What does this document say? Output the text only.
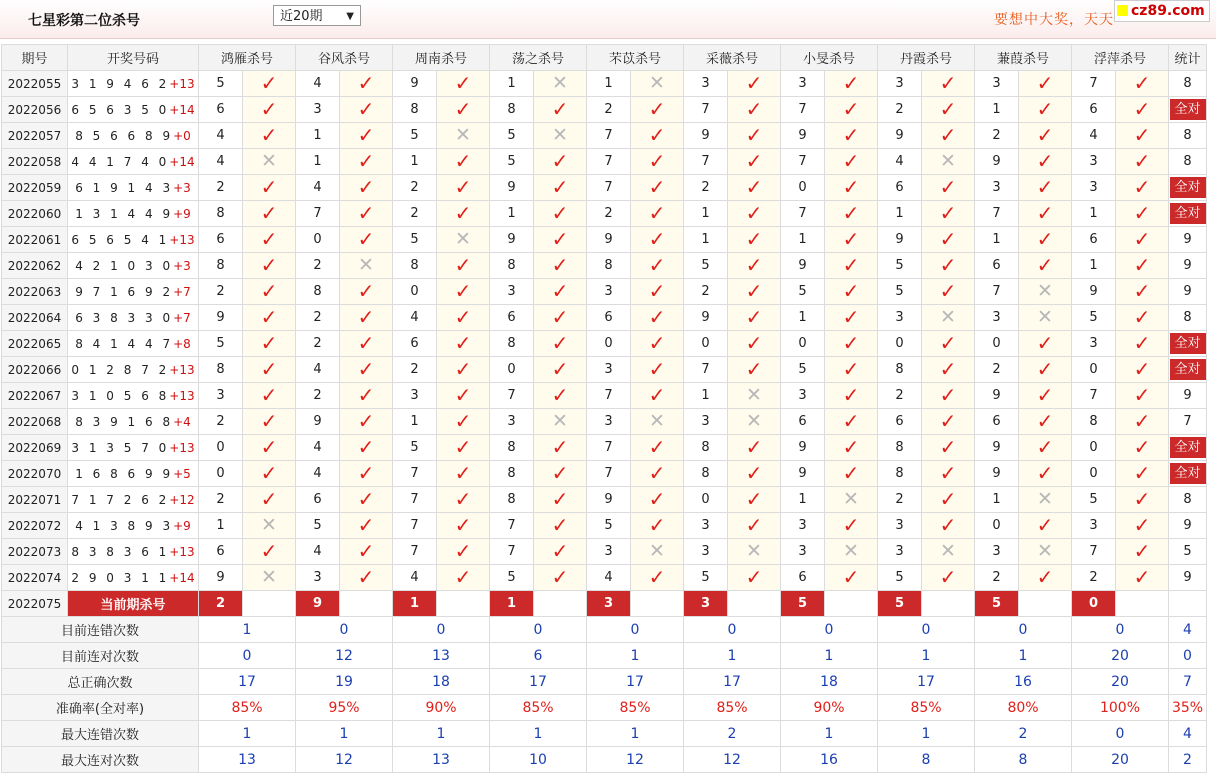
七星彩第二位杀号	近20期 ▼	要想中大奖，天天
cz89.com
期号	开奖号码	鸿雁杀号		谷风杀号		周南杀号		荡之杀号		芣苡杀号		采薇杀号		小旻杀号		丹霞杀号		蒹葭杀号		浮萍杀号		统计
2022055	3 1 9 4 6 2+13	5	✓	4	✓	9	✓	1	✕	1	✕	3	✓	3	✓	3	✓	3	✓	7	✓	8
2022056	6 5 6 3 5 0+14	6	✓	3	✓	8	✓	8	✓	2	✓	7	✓	7	✓	2	✓	1	✓	6	✓	全对
2022057	8 5 6 6 8 9+0	4	✓	1	✓	5	✕	5	✕	7	✓	9	✓	9	✓	9	✓	2	✓	4	✓	8
2022058	4 4 1 7 4 0+14	4	✕	1	✓	1	✓	5	✓	7	✓	7	✓	7	✓	4	✕	9	✓	3	✓	8
2022059	6 1 9 1 4 3+3	2	✓	4	✓	2	✓	9	✓	7	✓	2	✓	0	✓	6	✓	3	✓	3	✓	全对
2022060	1 3 1 4 4 9+9	8	✓	7	✓	2	✓	1	✓	2	✓	1	✓	7	✓	1	✓	7	✓	1	✓	全对
2022061	6 5 6 5 4 1+13	6	✓	0	✓	5	✕	9	✓	9	✓	1	✓	1	✓	9	✓	1	✓	6	✓	9
2022062	4 2 1 0 3 0+3	8	✓	2	✕	8	✓	8	✓	8	✓	5	✓	9	✓	5	✓	6	✓	1	✓	9
2022063	9 7 1 6 9 2+7	2	✓	8	✓	0	✓	3	✓	3	✓	2	✓	5	✓	5	✓	7	✕	9	✓	9
2022064	6 3 8 3 3 0+7	9	✓	2	✓	4	✓	6	✓	6	✓	9	✓	1	✓	3	✕	3	✕	5	✓	8
2022065	8 4 1 4 4 7+8	5	✓	2	✓	6	✓	8	✓	0	✓	0	✓	0	✓	0	✓	0	✓	3	✓	全对
2022066	0 1 2 8 7 2+13	8	✓	4	✓	2	✓	0	✓	3	✓	7	✓	5	✓	8	✓	2	✓	0	✓	全对
2022067	3 1 0 5 6 8+13	3	✓	2	✓	3	✓	7	✓	7	✓	1	✕	3	✓	2	✓	9	✓	7	✓	9
2022068	8 3 9 1 6 8+4	2	✓	9	✓	1	✓	3	✕	3	✕	3	✕	6	✓	6	✓	6	✓	8	✓	7
2022069	3 1 3 5 7 0+13	0	✓	4	✓	5	✓	8	✓	7	✓	8	✓	9	✓	8	✓	9	✓	0	✓	全对
2022070	1 6 8 6 9 9+5	0	✓	4	✓	7	✓	8	✓	7	✓	8	✓	9	✓	8	✓	9	✓	0	✓	全对
2022071	7 1 7 2 6 2+12	2	✓	6	✓	7	✓	8	✓	9	✓	0	✓	1	✕	2	✓	1	✕	5	✓	8
2022072	4 1 3 8 9 3+9	1	✕	5	✓	7	✓	7	✓	5	✓	3	✓	3	✓	3	✓	0	✓	3	✓	9
2022073	8 3 8 3 6 1+13	6	✓	4	✓	7	✓	7	✓	3	✕	3	✕	3	✕	3	✕	3	✕	7	✓	5
2022074	2 9 0 3 1 1+14	9	✕	3	✓	4	✓	5	✓	4	✓	5	✓	6	✓	5	✓	2	✓	2	✓	9
2022075	当前期杀号	2		9		1		1		3		3		5		5		5		0		
目前连错次数		1		0		0		0		0		0		0		0		0		0		4
目前连对次数		0		12		13		6		1		1		1		1		1		20		0
总正确次数		17		19		18		17		17		17		18		17		16		20		7
准确率(全对率)		85%		95%		90%		85%		85%		85%		90%		85%		80%		100%		35%
最大连错次数		1		1		1		1		1		2		1		1		2		0		4
最大连对次数		13		12		13		10		12		12		16		8		8		20		2
